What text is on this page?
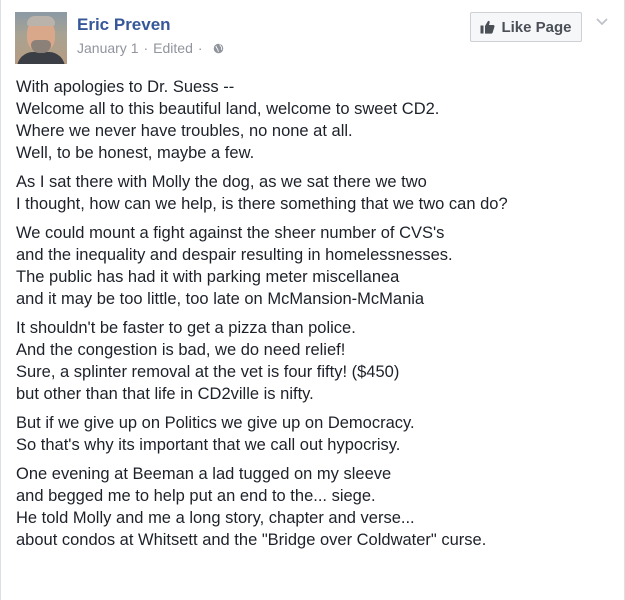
Eric Preven
January 1 · Edited ·
Like Page
With apologies to Dr. Suess --
Welcome all to this beautiful land, welcome to sweet CD2.
Where we never have troubles, no none at all.
Well, to be honest, maybe a few.
As I sat there with Molly the dog, as we sat there we two
I thought, how can we help, is there something that we two can do?
We could mount a fight against the sheer number of CVS's
and the inequality and despair resulting in homelessnesses.
The public has had it with parking meter miscellanea
and it may be too little, too late on McMansion-McMania
It shouldn't be faster to get a pizza than police.
And the congestion is bad, we do need relief!
Sure, a splinter removal at the vet is four fifty! ($450)
but other than that life in CD2ville is nifty.
But if we give up on Politics we give up on Democracy.
So that's why its important that we call out hypocrisy.
One evening at Beeman a lad tugged on my sleeve
and begged me to help put an end to the... siege.
He told Molly and me a long story, chapter and verse...
about condos at Whitsett and the "Bridge over Coldwater" curse.
